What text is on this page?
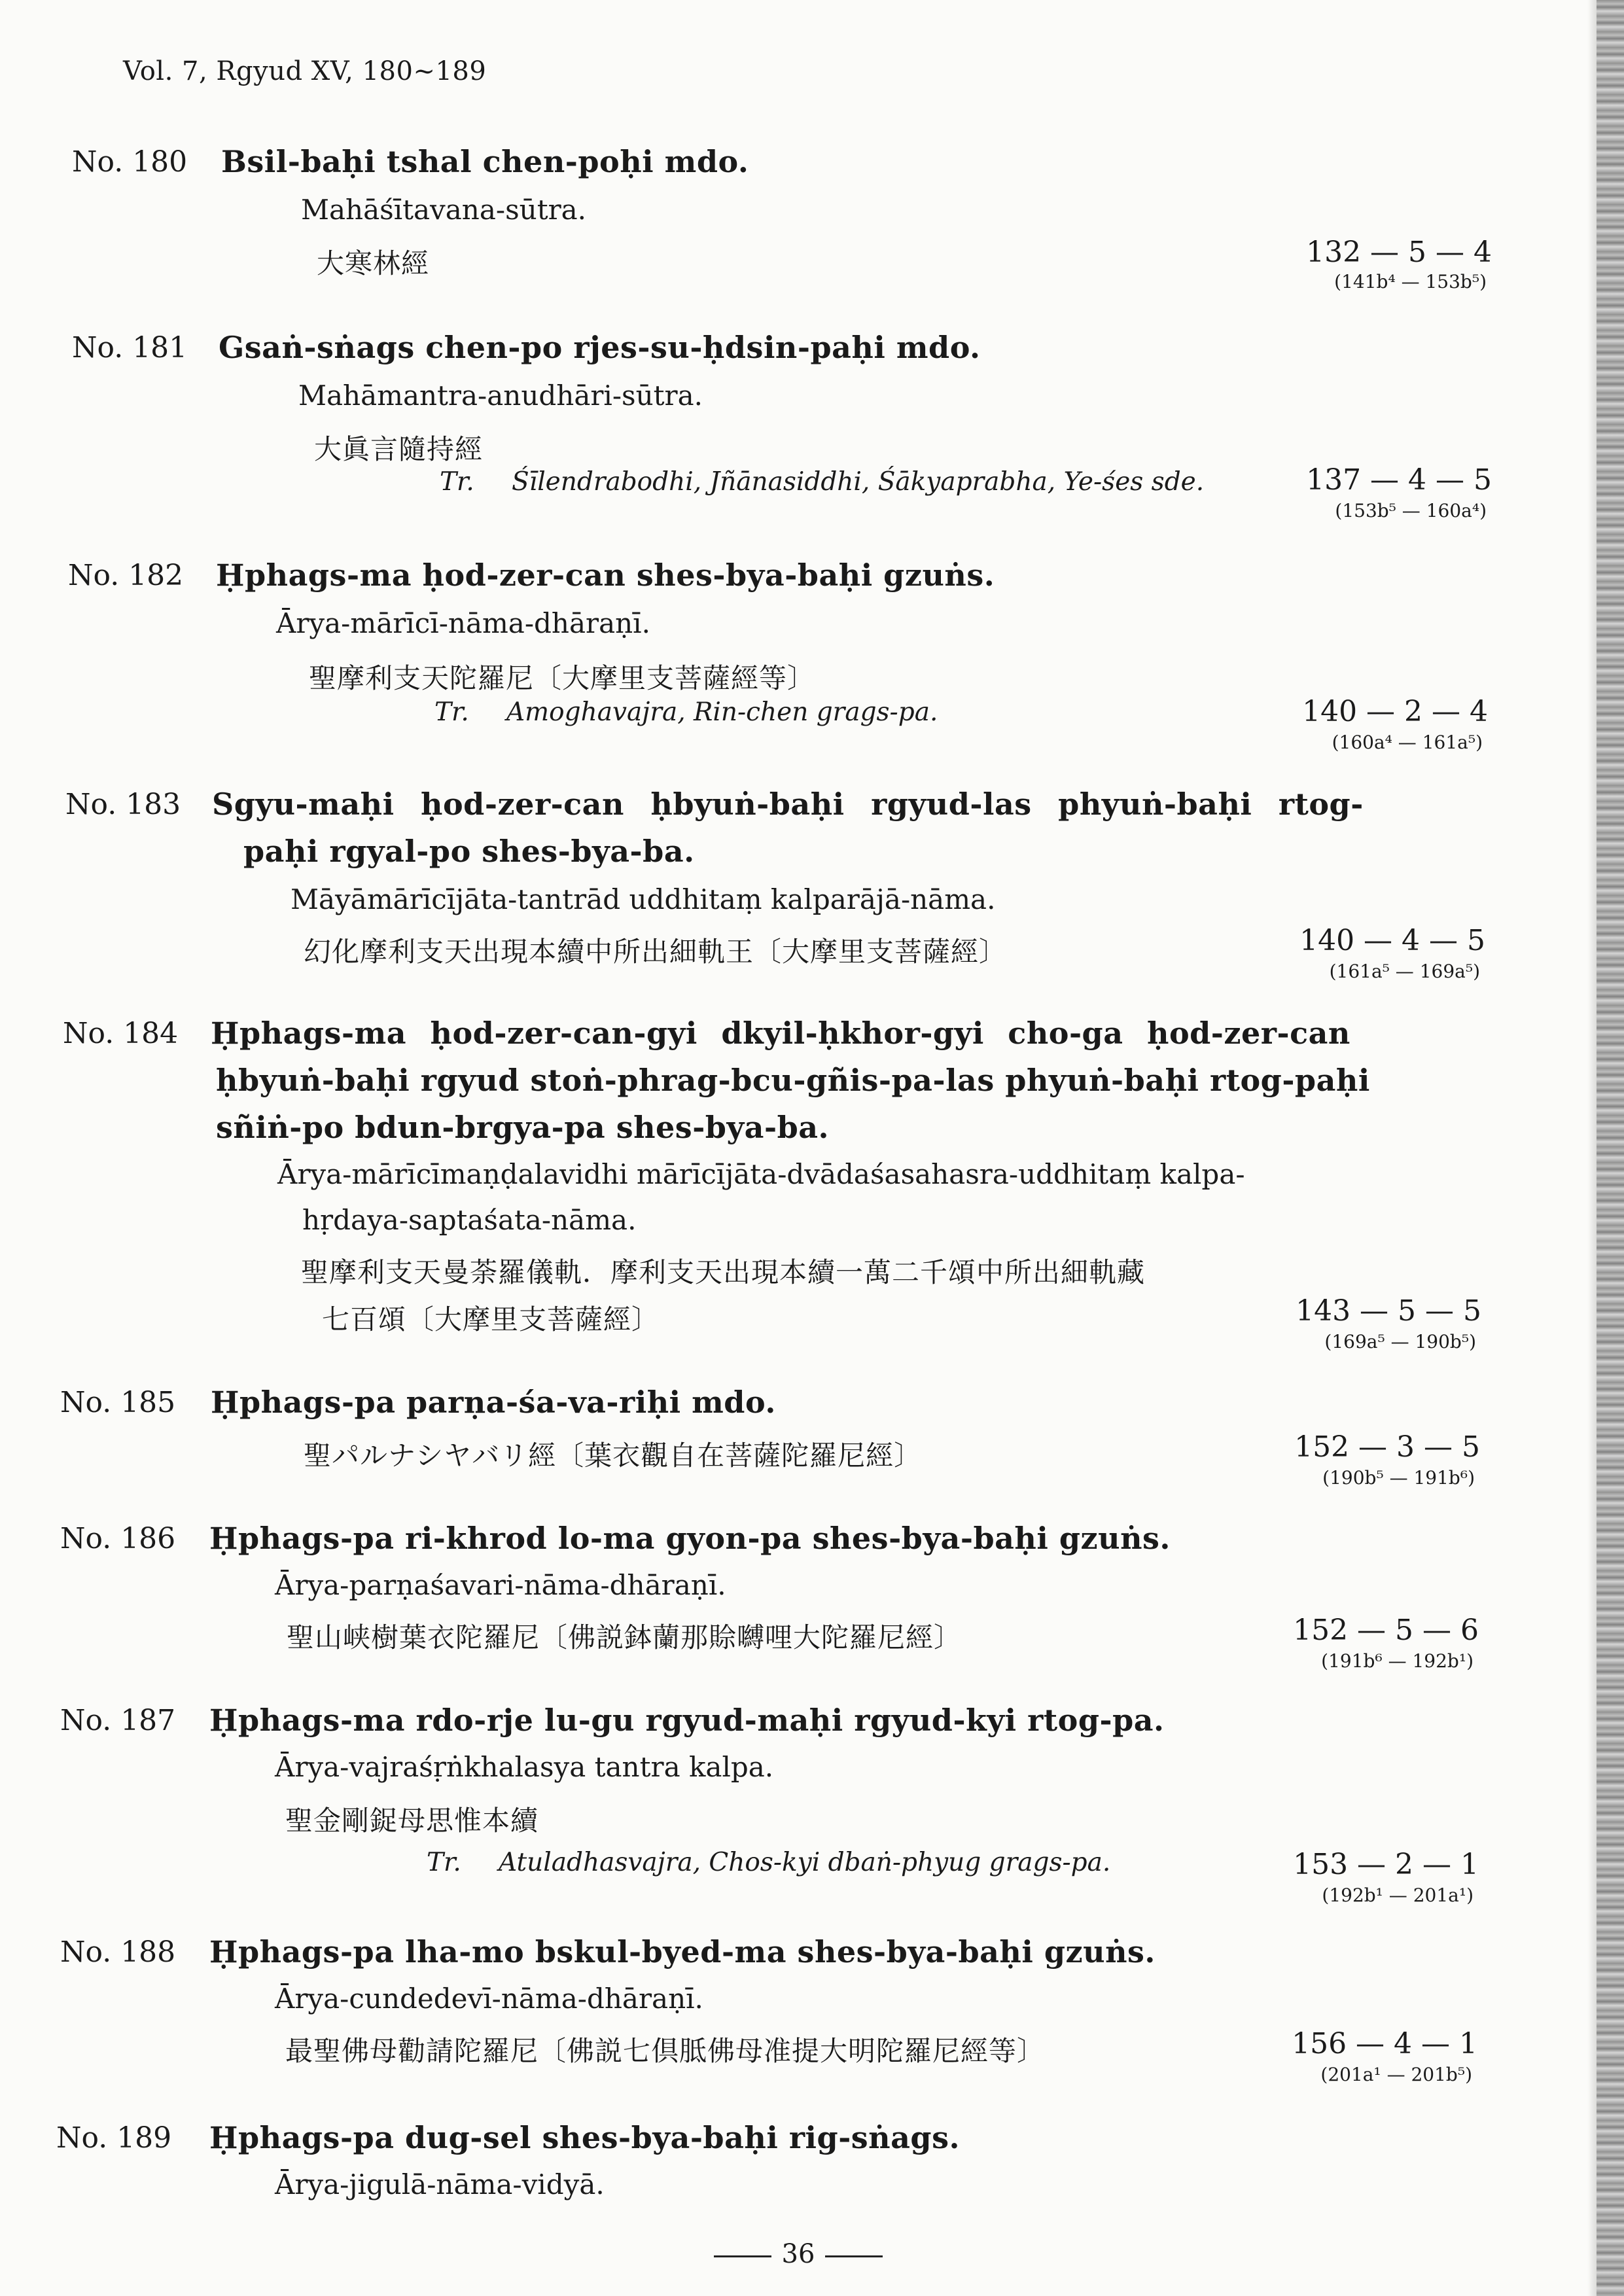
Vol. 7, Rgyud XV, 180~189
No. 180 Bsil-baḥi tshal chen-poḥi mdo.
Mahāśītavana-sūtra.
大寒林經	132 — 5 — 4
(141b⁴ — 153b⁵)
No. 181 Gsaṅ-sṅags chen-po rjes-su-ḥdsin-paḥi mdo.
Mahāmantra-anudhāri-sūtra.
大眞言隨持經
Tr. Śīlendrabodhi, Jñānasiddhi, Śākyaprabha, Ye-śes sde.	137 — 4 — 5
(153b⁵ — 160a⁴)
No. 182 Ḥphags-ma ḥod-zer-can shes-bya-baḥi gzuṅs.
Ārya-mārīcī-nāma-dhāraṇī.
聖摩利支天陀羅尼〔大摩里支菩薩經等〕
Tr. Amoghavajra, Rin-chen grags-pa.	140 — 2 — 4
(160a⁴ — 161a⁵)
No. 183 Sgyu-maḥi ḥod-zer-can ḥbyuṅ-baḥi rgyud-las phyuṅ-baḥi rtog-
paḥi rgyal-po shes-bya-ba.
Māyāmārīcījāta-tantrād uddhitaṃ kalparājā-nāma.
幻化摩利支天出現本續中所出細軌王〔大摩里支菩薩經〕	140 — 4 — 5
(161a⁵ — 169a⁵)
No. 184 Ḥphags-ma ḥod-zer-can-gyi dkyil-ḥkhor-gyi cho-ga ḥod-zer-can
ḥbyuṅ-baḥi rgyud stoṅ-phrag-bcu-gñis-pa-las phyuṅ-baḥi rtog-paḥi
sñiṅ-po bdun-brgya-pa shes-bya-ba.
Ārya-mārīcīmaṇḍalavidhi mārīcījāta-dvādaśasahasra-uddhitaṃ kalpa-
hṛdaya-saptaśata-nāma.
聖摩利支天曼荼羅儀軌．摩利支天出現本續一萬二千頌中所出細軌藏
七百頌〔大摩里支菩薩經〕	143 — 5 — 5
(169a⁵ — 190b⁵)
No. 185 Ḥphags-pa parṇa-śa-va-riḥi mdo.
聖パルナシヤバリ經〔葉衣觀自在菩薩陀羅尼經〕	152 — 3 — 5
(190b⁵ — 191b⁶)
No. 186 Ḥphags-pa ri-khrod lo-ma gyon-pa shes-bya-baḥi gzuṅs.
Ārya-parṇaśavari-nāma-dhāraṇī.
聖山峡樹葉衣陀羅尼〔佛説鉢蘭那賒嚩哩大陀羅尼經〕	152 — 5 — 6
(191b⁶ — 192b¹)
No. 187 Ḥphags-ma rdo-rje lu-gu rgyud-maḥi rgyud-kyi rtog-pa.
Ārya-vajraśṛṅkhalasya tantra kalpa.
聖金剛鋜母思惟本續
Tr. Atuladhasvajra, Chos-kyi dbaṅ-phyug grags-pa.	153 — 2 — 1
(192b¹ — 201a¹)
No. 188 Ḥphags-pa lha-mo bskul-byed-ma shes-bya-baḥi gzuṅs.
Ārya-cundedevī-nāma-dhāraṇī.
最聖佛母勸請陀羅尼〔佛説七倶胝佛母准提大明陀羅尼經等〕	156 — 4 — 1
(201a¹ — 201b⁵)
No. 189 Ḥphags-pa dug-sel shes-bya-baḥi rig-sṅags.
Ārya-jigulā-nāma-vidyā.
36
